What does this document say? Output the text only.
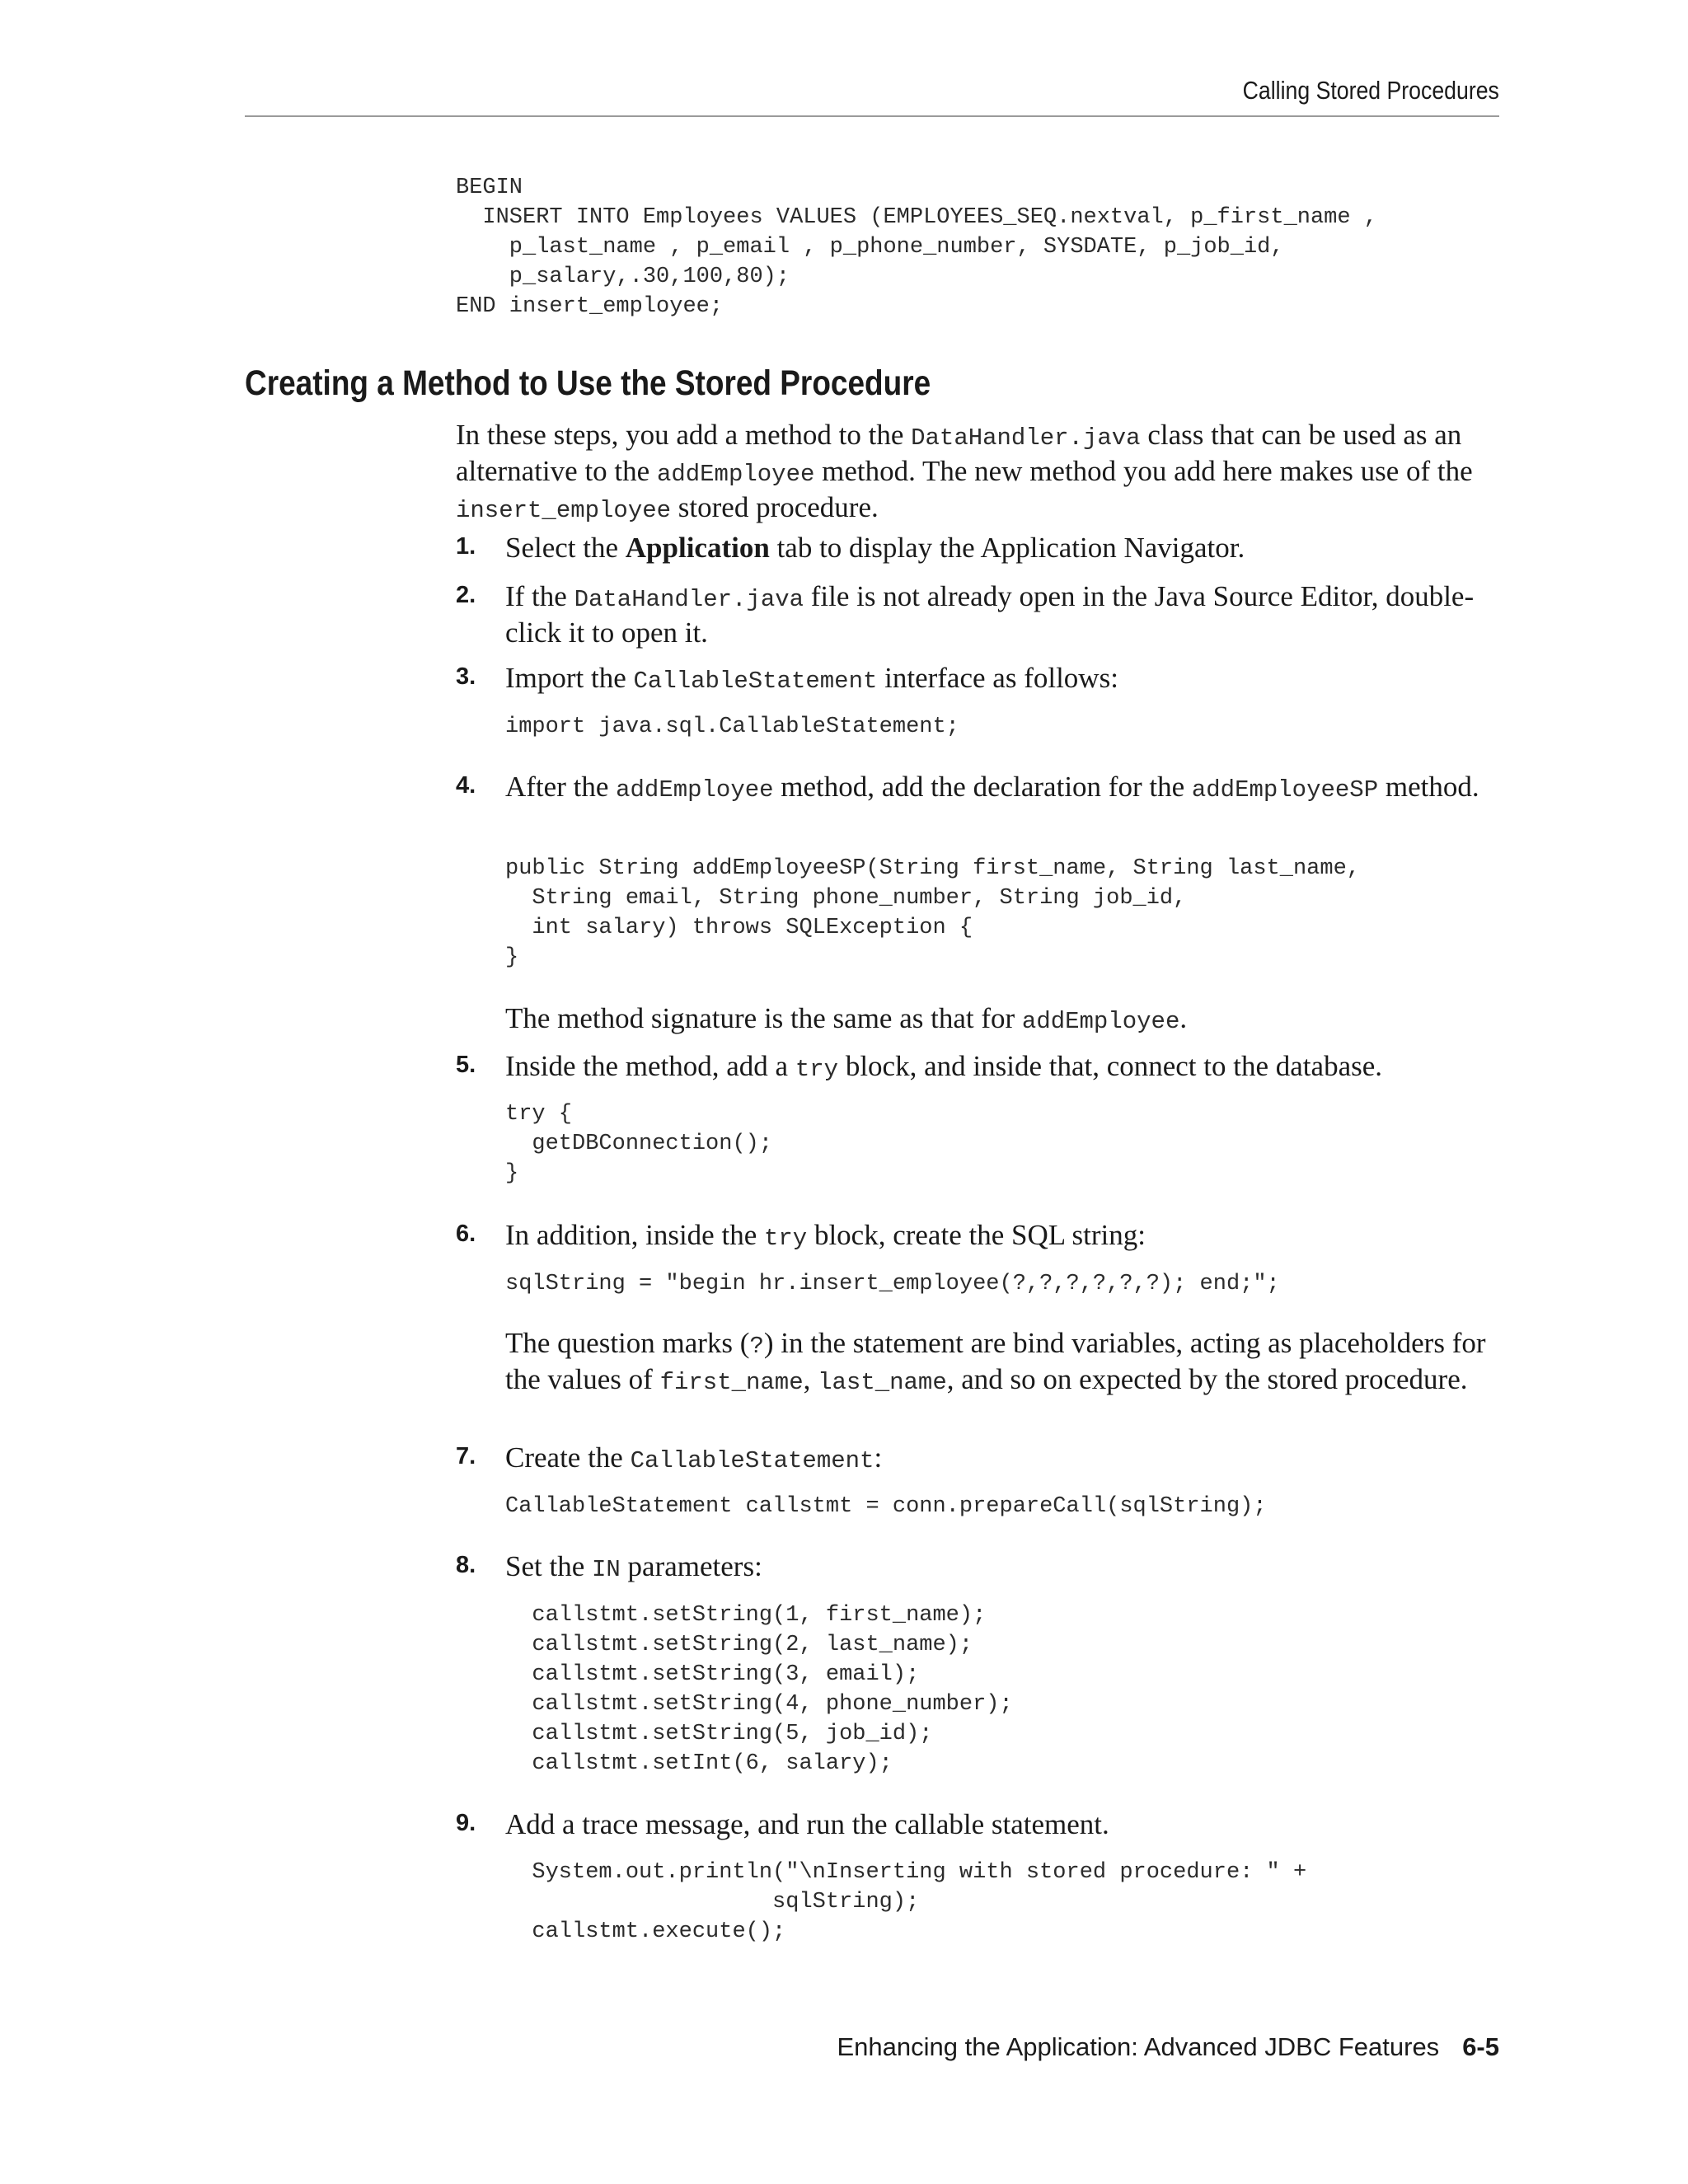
Calling Stored Procedures
BEGIN
INSERT INTO Employees VALUES (EMPLOYEES_SEQ.nextval, p_first_name ,
p_last_name , p_email , p_phone_number, SYSDATE, p_job_id,
p_salary,.30,100,80);
END insert_employee;
Creating a Method to Use the Stored Procedure
In these steps, you add a method to the DataHandler.java class that can be used as an alternative to the addEmployee method. The new method you add here makes use of the insert_employee stored procedure.
1. Select the Application tab to display the Application Navigator.
2. If the DataHandler.java file is not already open in the Java Source Editor, double-click it to open it.
3. Import the CallableStatement interface as follows:
import java.sql.CallableStatement;
4. After the addEmployee method, add the declaration for the addEmployeeSP method.
public String addEmployeeSP(String first_name, String last_name,
String email, String phone_number, String job_id,
int salary) throws SQLException {
}
The method signature is the same as that for addEmployee.
5. Inside the method, add a try block, and inside that, connect to the database.
try {
getDBConnection();
}
6. In addition, inside the try block, create the SQL string:
sqlString = "begin hr.insert_employee(?,?,?,?,?,?); end;";
The question marks (?) in the statement are bind variables, acting as placeholders for the values of first_name, last_name, and so on expected by the stored procedure.
7. Create the CallableStatement:
CallableStatement callstmt = conn.prepareCall(sqlString);
8. Set the IN parameters:
callstmt.setString(1, first_name);
callstmt.setString(2, last_name);
callstmt.setString(3, email);
callstmt.setString(4, phone_number);
callstmt.setString(5, job_id);
callstmt.setInt(6, salary);
9. Add a trace message, and run the callable statement.
System.out.println("\nInserting with stored procedure: " +
sqlString);
callstmt.execute();
Enhancing the Application: Advanced JDBC Features 6-5
